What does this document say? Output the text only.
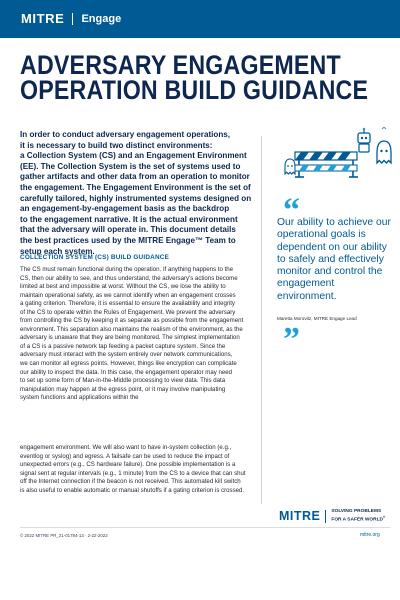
MITRE Engage
ADVERSARY ENGAGEMENT
OPERATION BUILD GUIDANCE
In order to conduct adversary engagement operations,
it is necessary to build two distinct environments:
a Collection System (CS) and an Engagement Environment
(EE). The Collection System is the set of systems used to
gather artifacts and other data from an operation to monitor
the engagement. The Engagement Environment is the set of
carefully tailored, highly instrumented systems designed on
an engagement-by-engagement basis as the backdrop
to the engagement narrative. It is the actual environment
that the adversary will operate in. This document details
the best practices used by the MITRE Engage™ Team to
setup each system.
COLLECTION SYSTEM (CS) BUILD GUIDANCE
The CS must remain functional during the operation. If anything happens to the
CS, then our ability to see, and thus understand, the adversary's actions become
limited at best and impossible at worst. Without the CS, we lose the ability to
maintain operational safety, as we cannot identify when an engagement crosses
a gating criterion. Therefore, it is essential to ensure the availability and integrity
of the CS to operate within the Rules of Engagement. We prevent the adversary
from controlling the CS by keeping it as separate as possible from the engagement
environment. This separation also maintains the realism of the environment, as the
adversary is unaware that they are being monitored. The simplest implementation
of a CS is a passive network tap feeding a packet capture system. Since the
adversary must interact with the system entirely over network communications,
we can monitor all egress points. However, things like encryption can complicate
our ability to inspect the data. In this case, the engagement operator may need
to set up some form of Man-in-the-Middle processing to view data. This data
manipulation may happen at the egress point, or it may involve manipulating
system functions and applications within the
engagement environment. We will also want to have in-system collection (e.g.,
eventlog or syslog) and egress. A failsafe can be used to reduce the impact of
unexpected errors (e.g., CS hardware failure). One possible implementation is a
signal sent at regular intervals (e.g., 1 minute) from the CS to a device that can shut
off the Internet connection if the beacon is not received. This automated kill switch
is also useful to enable automatic or manual shutoffs if a gating criterion is crossed.
“
Our ability to achieve our operational goals is dependent on our ability to safely and effectively monitor and control the engagement environment.
Maretta Morovitz, MITRE Engage Lead
”
MITRE SOLVING PROBLEMS
FOR A SAFER WORLD®
© 2022 MITRE PR_21-01784-13 · 2-22-2022	mitre.org
